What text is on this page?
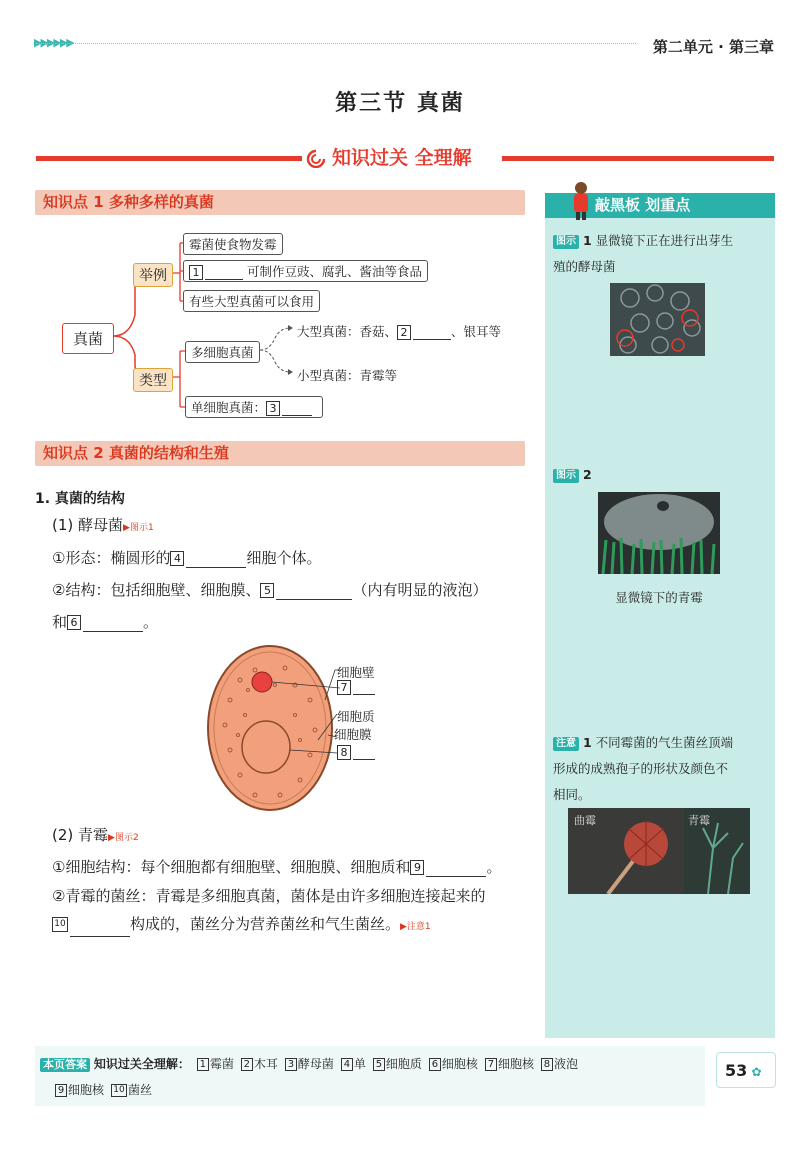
▶▶▶▶▶▶	第二单元 · 第三章
第三节 真菌
知识过关 全理解
知识点 1 多种多样的真菌
真菌
举例
类型
霉菌使食物发霉
1	可制作豆豉、腐乳、酱油等食品
有些大型真菌可以食用
多细胞真菌
大型真菌：香菇、 2	、银耳等
小型真菌：青霉等
单细胞真菌： 3
知识点 2 真菌的结构和生殖
1. 真菌的结构
(1) 酵母菌▶图示1
①形态：椭圆形的 4	细胞个体。
②结构：包括细胞壁、细胞膜、 5	（内有明显的液泡）
和 6	。
细胞壁
7
细胞质
细胞膜
8
(2) 青霉▶图示2
①细胞结构：每个细胞都有细胞壁、细胞膜、细胞质和 9	。
②青霉的菌丝：青霉是多细胞真菌，菌体是由许多细胞连接起来的
10	构成的，菌丝分为营养菌丝和气生菌丝。▶注意1
敲黑板 划重点
图示 1 显微镜下正在进行出芽生
殖的酵母菌
图示 2
显微镜下的青霉
注意 1 不同霉菌的气生菌丝顶端
形成的成熟孢子的形状及颜色不
相同。
曲霉	青霉
本页答案 知识过关全理解： 1 霉菌 2 木耳 3 酵母菌 4 单 5 细胞质 6 细胞核 7 细胞核 8 液泡
9 细胞核 10 菌丝
53 ✿
